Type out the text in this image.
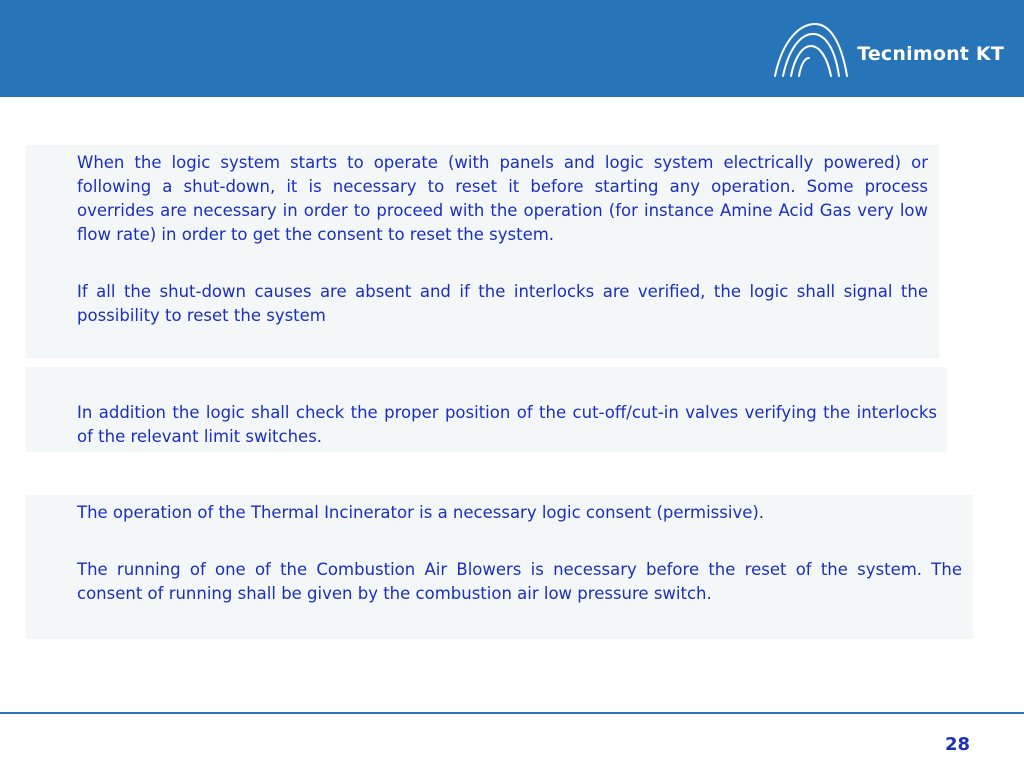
Tecnimont KT

When the logic system starts to operate (with panels and logic system electrically powered) or following a shut-down, it is necessary to reset it before starting any operation. Some process overrides are necessary in order to proceed with the operation (for instance Amine Acid Gas very low flow rate) in order to get the consent to reset the system.

If all the shut-down causes are absent and if the interlocks are verified, the logic shall signal the possibility to reset the system

In addition the logic shall check the proper position of the cut-off/cut-in valves verifying the interlocks of the relevant limit switches.

The operation of the Thermal Incinerator is a necessary logic consent (permissive).

The running of one of the Combustion Air Blowers is necessary before the reset of the system. The consent of running shall be given by the combustion air low pressure switch.

28
